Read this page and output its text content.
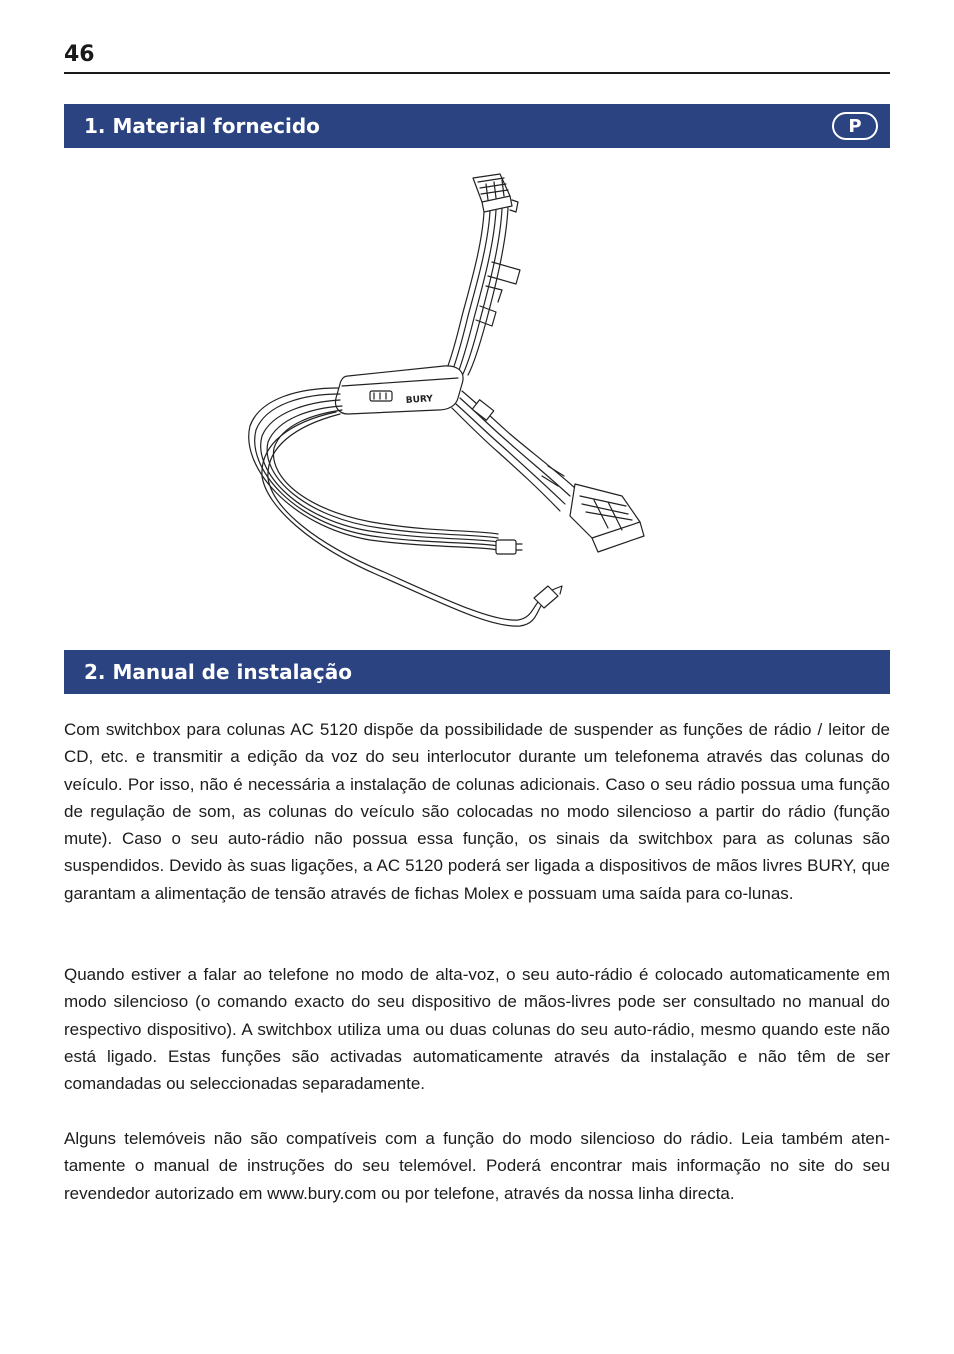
46
1. Material fornecido	P
BURY
2. Manual de instalação

Com switchbox para colunas AC 5120 dispõe da possibilidade de suspender as funções de rádio / leitor de CD, etc. e transmitir a edição da voz do seu interlocutor durante um telefonema através das colunas do veículo. Por isso, não é necessária a instalação de colunas adicionais. Caso o seu rádio possua uma função de regulação de som, as colunas do veículo são colocadas no modo silencioso a partir do rádio (função mute). Caso o seu auto-rádio não possua essa função, os sinais da switchbox para as colunas são suspendidos. Devido às suas ligações, a AC 5120 poderá ser ligada a dispositivos de mãos livres BURY, que garantam a alimentação de tensão através de fichas Molex e possuam uma saída para co-lunas.

Quando estiver a falar ao telefone no modo de alta-voz, o seu auto-rádio é colocado automaticamente em modo silencioso (o comando exacto do seu dispositivo de mãos-livres pode ser consultado no manual do respectivo dispositivo). A switchbox utiliza uma ou duas colunas do seu auto-rádio, mesmo quando este não está ligado. Estas funções são activadas automaticamente através da instalação e não têm de ser comandadas ou seleccionadas separadamente.

Alguns telemóveis não são compatíveis com a função do modo silencioso do rádio. Leia também aten-tamente o manual de instruções do seu telemóvel. Poderá encontrar mais informação no site do seu revendedor autorizado em www.bury.com ou por telefone, através da nossa linha directa.
